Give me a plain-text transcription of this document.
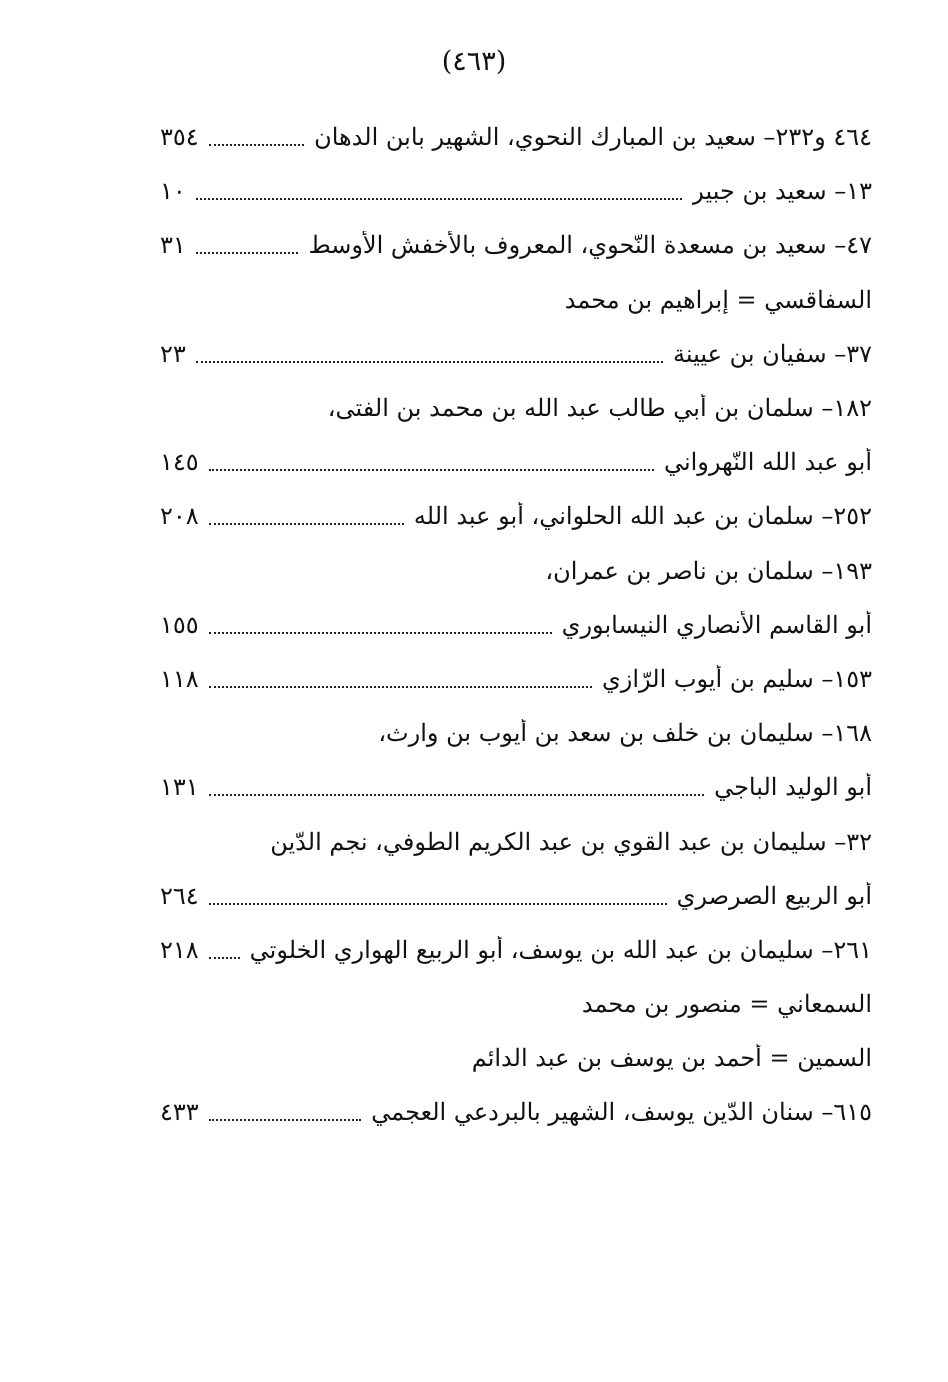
(٤٦٣)
٤٦٤ و٢٣٢– سعيد بن المبارك النحوي، الشهير بابن الدهان
٣٥٤
١٣– سعيد بن جبير
١٠
٤٧– سعيد بن مسعدة النّحوي، المعروف بالأخفش الأوسط
٣١
السفاقسي = إبراهيم بن محمد
٣٧– سفيان بن عيينة
٢٣
١٨٢– سلمان بن أبي طالب عبد الله بن محمد بن الفتى،
أبو عبد الله النّهرواني
١٤٥
٢٥٢– سلمان بن عبد الله الحلواني، أبو عبد الله
٢٠٨
١٩٣– سلمان بن ناصر بن عمران،
أبو القاسم الأنصاري النيسابوري
١٥٥
١٥٣– سليم بن أيوب الرّازي
١١٨
١٦٨– سليمان بن خلف بن سعد بن أيوب بن وارث،
أبو الوليد الباجي
١٣١
٣٢– سليمان بن عبد القوي بن عبد الكريم الطوفي، نجم الدّين
أبو الربيع الصرصري
٢٦٤
٢٦١– سليمان بن عبد الله بن يوسف، أبو الربيع الهواري الخلوتي
٢١٨
السمعاني = منصور بن محمد
السمين = أحمد بن يوسف بن عبد الدائم
٦١٥– سنان الدّين يوسف، الشهير بالبردعي العجمي
٤٣٣
